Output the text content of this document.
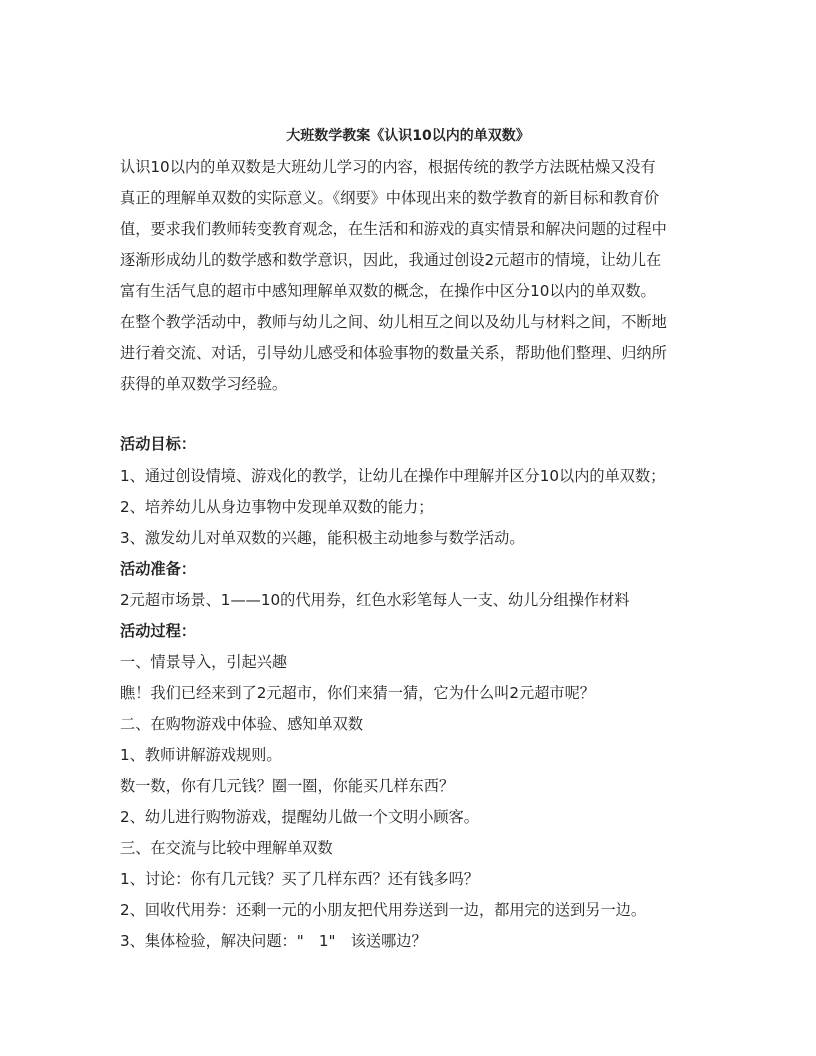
大班数学教案《认识10以内的单双数》
认识10以内的单双数是大班幼儿学习的内容，根据传统的教学方法既枯燥又没有
真正的理解单双数的实际意义。《纲要》中体现出来的数学教育的新目标和教育价
值，要求我们教师转变教育观念，在生活和和游戏的真实情景和解决问题的过程中
逐渐形成幼儿的数学感和数学意识，因此，我通过创设2元超市的情境，让幼儿在
富有生活气息的超市中感知理解单双数的概念，在操作中区分10以内的单双数。
在整个教学活动中，教师与幼儿之间、幼儿相互之间以及幼儿与材料之间，不断地
进行着交流、对话，引导幼儿感受和体验事物的数量关系，帮助他们整理、归纳所
获得的单双数学习经验。
活动目标：
1、通过创设情境、游戏化的教学，让幼儿在操作中理解并区分10以内的单双数；
2、培养幼儿从身边事物中发现单双数的能力；
3、激发幼儿对单双数的兴趣，能积极主动地参与数学活动。
活动准备：
2元超市场景、1——10的代用券，红色水彩笔每人一支、幼儿分组操作材料
活动过程：
一、情景导入，引起兴趣
瞧！我们已经来到了2元超市，你们来猜一猜，它为什么叫2元超市呢？
二、在购物游戏中体验、感知单双数
1、教师讲解游戏规则。
数一数，你有几元钱？圈一圈，你能买几样东西？
2、幼儿进行购物游戏，提醒幼儿做一个文明小顾客。
三、在交流与比较中理解单双数
1、讨论：你有几元钱？买了几样东西？还有钱多吗？
2、回收代用券：还剩一元的小朋友把代用券送到一边，都用完的送到另一边。
3、集体检验，解决问题："　1"　该送哪边？
